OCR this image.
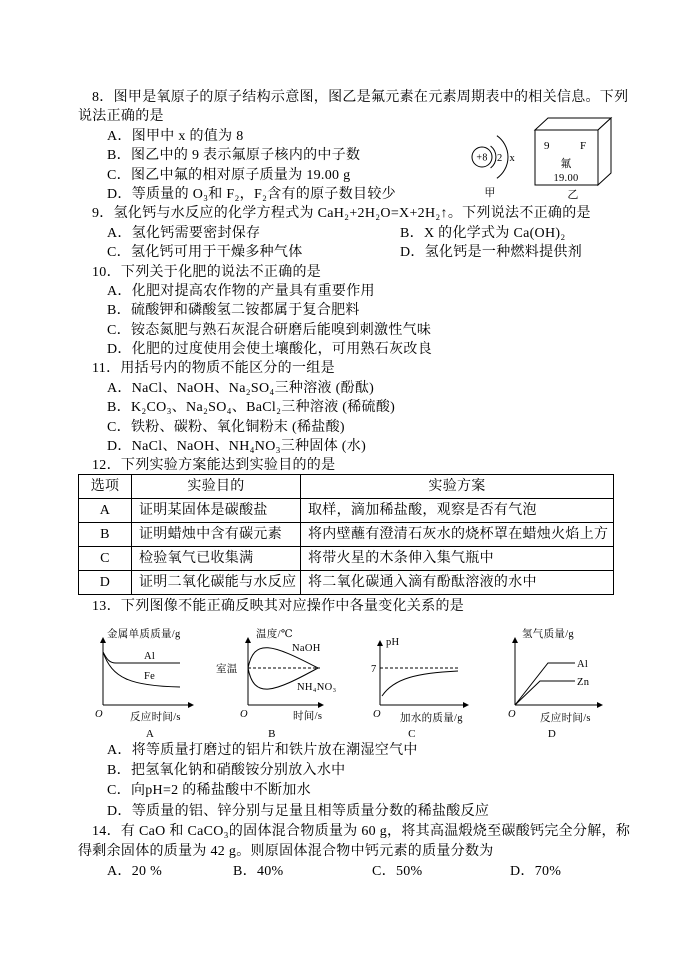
8．图甲是氧原子的原子结构示意图，图乙是氟元素在元素周期表中的相关信息。下列
说法正确的是
A．图甲中 x 的值为 8
B．图乙中的 9 表示氟原子核内的中子数
C．图乙中氟的相对原子质量为 19.00 g
D．等质量的 O₃和 F₂，F₂含有的原子数目较少
9．氢化钙与水反应的化学方程式为 CaH₂+2H₂O=X+2H₂↑。下列说法不正确的是
A．氢化钙需要密封保存	B．X 的化学式为 Ca(OH)₂
C．氢化钙可用于干燥多种气体	D．氢化钙是一种燃料提供剂
10．下列关于化肥的说法不正确的是
A．化肥对提高农作物的产量具有重要作用
B．硫酸钾和磷酸氢二铵都属于复合肥料
C．铵态氮肥与熟石灰混合研磨后能嗅到刺激性气味
D．化肥的过度使用会使土壤酸化，可用熟石灰改良
11．用括号内的物质不能区分的一组是
A．NaCl、NaOH、Na₂SO₄三种溶液 (酚酞)
B．K₂CO₃、Na₂SO₄、BaCl₂三种溶液 (稀硫酸)
C．铁粉、碳粉、氧化铜粉末 (稀盐酸)
D．NaCl、NaOH、NH₄NO₃三种固体 (水)
12．下列实验方案能达到实验目的的是
+8 2 x
甲
9	F
氟
19.00
乙
选项	实验目的	实验方案
A	证明某固体是碳酸盐	取样，滴加稀盐酸，观察是否有气泡
B	证明蜡烛中含有碳元素	将内壁蘸有澄清石灰水的烧杯罩在蜡烛火焰上方
C	检验氧气已收集满	将带火星的木条伸入集气瓶中
D	证明二氧化碳能与水反应	将二氧化碳通入滴有酚酞溶液的水中
13．下列图像不能正确反映其对应操作中各量变化关系的是
金属单质质量/g
Al
Fe
O	反应时间/s
A
温度/℃
室温
NaOH
NH₄NO₃
O	时间/s
B
pH
7
O 加水的质量/g
C
氢气质量/g
Al
Zn
O 反应时间/s
D
A．将等质量打磨过的铝片和铁片放在潮湿空气中
B．把氢氧化钠和硝酸铵分别放入水中
C．向pH=2 的稀盐酸中不断加水
D．等质量的铝、锌分别与足量且相等质量分数的稀盐酸反应
14．有 CaO 和 CaCO₃的固体混合物质量为 60 g，将其高温煅烧至碳酸钙完全分解，称
得剩余固体的质量为 42 g。则原固体混合物中钙元素的质量分数为
A．20 %	B．40%	C．50%	D．70%
